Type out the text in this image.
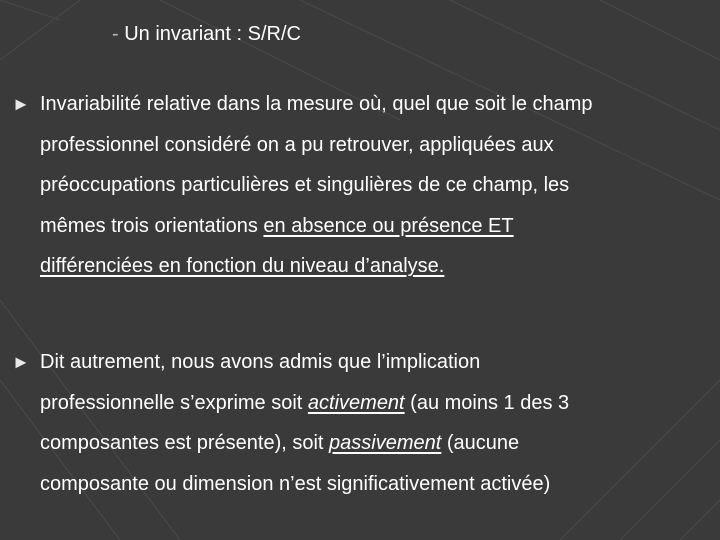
- Un invariant : S/R/C
► Invariabilité relative dans la mesure où, quel que soit le champ
professionnel considéré on a pu retrouver, appliquées aux
préoccupations particulières et singulières de ce champ, les
mêmes trois orientations en absence ou présence ET
différenciées en fonction du niveau d’analyse.
► Dit autrement, nous avons admis que l’implication
professionnelle s’exprime soit activement (au moins 1 des 3
composantes est présente), soit passivement (aucune
composante ou dimension n’est significativement activée)
